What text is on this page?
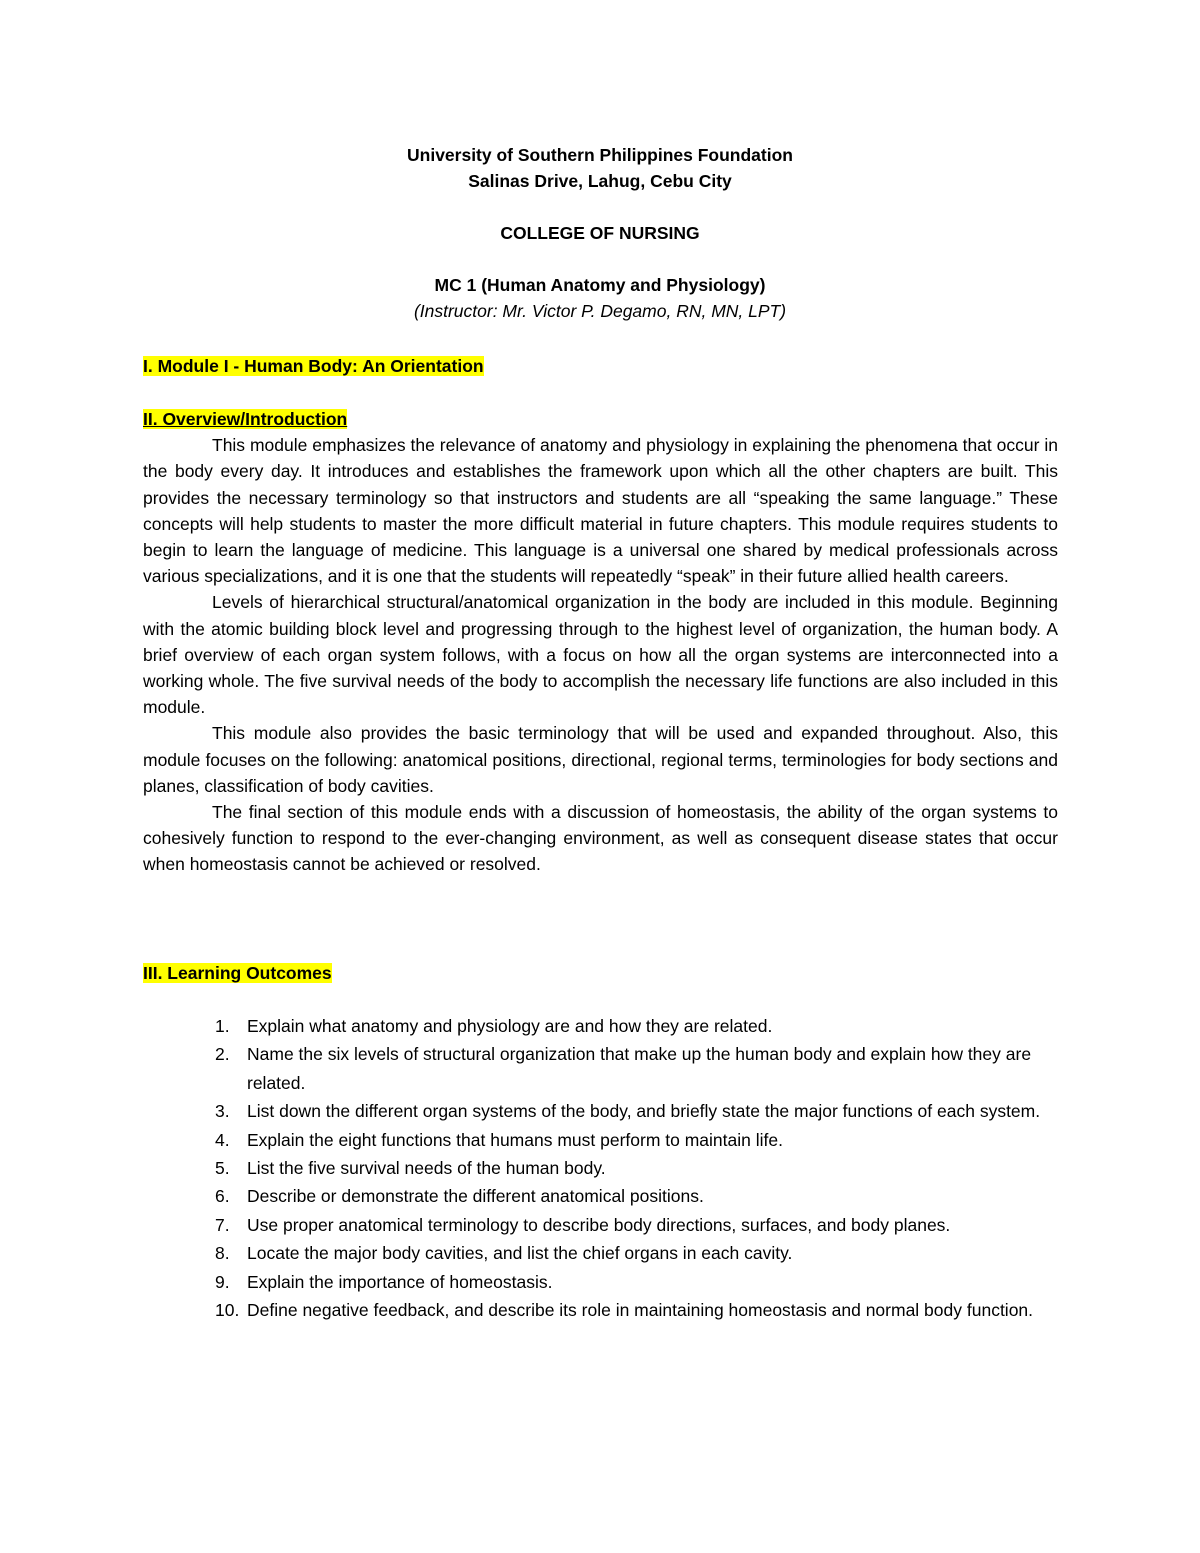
University of Southern Philippines Foundation
Salinas Drive, Lahug, Cebu City
COLLEGE OF NURSING
MC 1 (Human Anatomy and Physiology)
(Instructor: Mr. Victor P. Degamo, RN, MN, LPT)
I. Module I - Human Body: An Orientation
II. Overview/Introduction

This module emphasizes the relevance of anatomy and physiology in explaining the phenomena that occur in the body every day. It introduces and establishes the framework upon which all the other chapters are built. This provides the necessary terminology so that instructors and students are all “speaking the same language.” These concepts will help students to master the more difficult material in future chapters. This module requires students to begin to learn the language of medicine. This language is a universal one shared by medical professionals across various specializations, and it is one that the students will repeatedly “speak” in their future allied health careers.

Levels of hierarchical structural/anatomical organization in the body are included in this module. Beginning with the atomic building block level and progressing through to the highest level of organization, the human body. A brief overview of each organ system follows, with a focus on how all the organ systems are interconnected into a working whole. The five survival needs of the body to accomplish the necessary life functions are also included in this module.

This module also provides the basic terminology that will be used and expanded throughout. Also, this module focuses on the following: anatomical positions, directional, regional terms, terminologies for body sections and planes, classification of body cavities.

The final section of this module ends with a discussion of homeostasis, the ability of the organ systems to cohesively function to respond to the ever-changing environment, as well as consequent disease states that occur when homeostasis cannot be achieved or resolved.

III. Learning Outcomes
1. Explain what anatomy and physiology are and how they are related.
2. Name the six levels of structural organization that make up the human body and explain how they are related.
3. List down the different organ systems of the body, and briefly state the major functions of each system.
4. Explain the eight functions that humans must perform to maintain life.
5. List the five survival needs of the human body.
6. Describe or demonstrate the different anatomical positions.
7. Use proper anatomical terminology to describe body directions, surfaces, and body planes.
8. Locate the major body cavities, and list the chief organs in each cavity.
9. Explain the importance of homeostasis.
10. Define negative feedback, and describe its role in maintaining homeostasis and normal body function.
